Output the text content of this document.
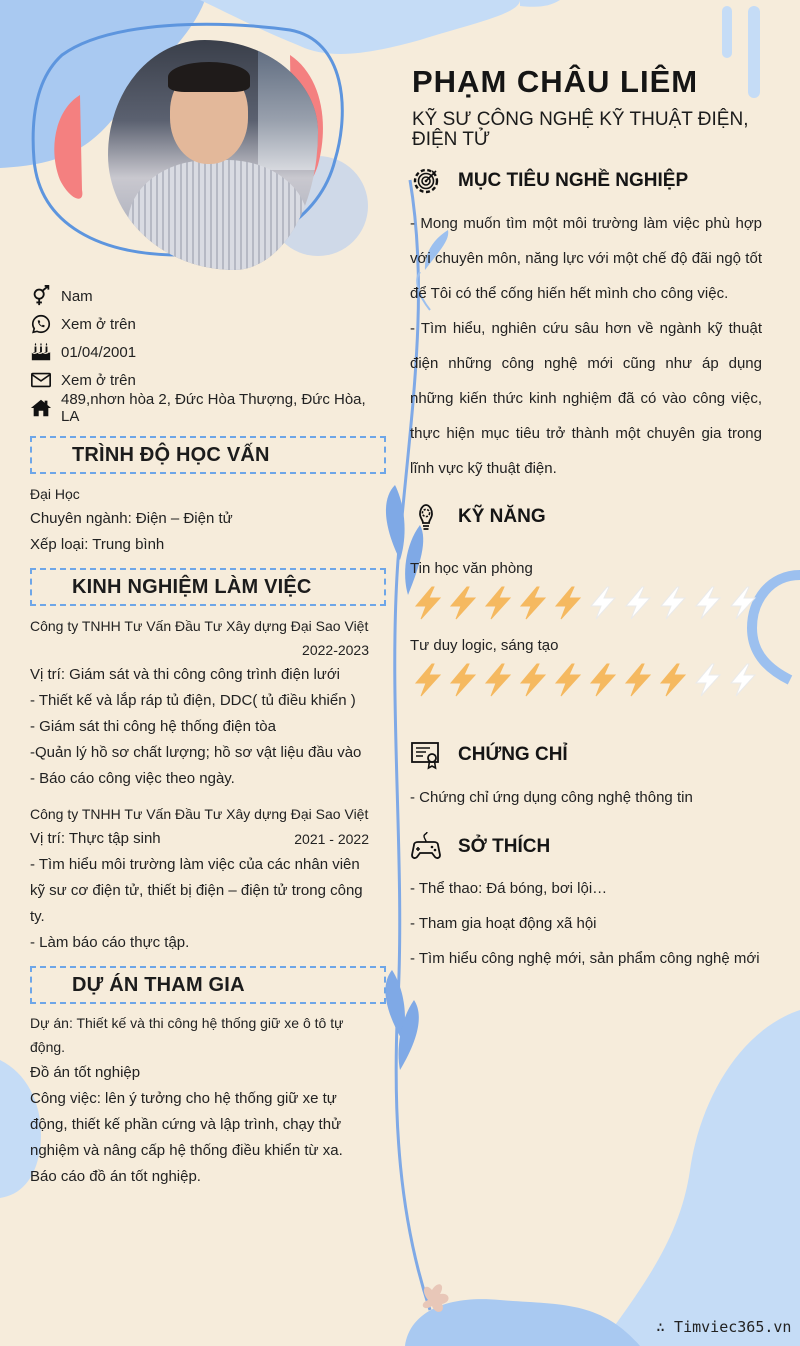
Nam
Xem ở trên
01/04/2001
Xem ở trên
489,nhơn hòa 2, Đức Hòa Thượng, Đức Hòa, LA
TRÌNH ĐỘ HỌC VẤN
Đại Học
Chuyên ngành: Điện – Điện tử
Xếp loại: Trung bình
KINH NGHIỆM LÀM VIỆC
Công ty TNHH Tư Vấn Đầu Tư Xây dựng Đại Sao Việt
2022-2023
Vị trí: Giám sát và thi công công trình điện lưới
- Thiết kế và lắp ráp tủ điện, DDC( tủ điều khiển )
- Giám sát thi công hệ thống điện tòa
-Quản lý hồ sơ chất lượng; hồ sơ vật liệu đầu vào
- Báo cáo công việc theo ngày.
Công ty TNHH Tư Vấn Đầu Tư Xây dựng Đại Sao Việt
Vị trí: Thực tập sinh	2021 - 2022
- Tìm hiểu môi trường làm việc của các nhân viên kỹ sư cơ điện tử, thiết bị điện – điện tử trong công ty.
- Làm báo cáo thực tập.
DỰ ÁN THAM GIA
Dự án: Thiết kế và thi công hệ thống giữ xe ô tô tự động.
Đồ án tốt nghiệp
Công việc: lên ý tưởng cho hệ thống giữ xe tự động, thiết kế phần cứng và lập trình, chạy thử nghiệm và nâng cấp hệ thống điều khiển từ xa. Báo cáo đồ án tốt nghiệp.
PHẠM CHÂU LIÊM
KỸ SƯ CÔNG NGHỆ KỸ THUẬT ĐIỆN, ĐIỆN TỬ
MỤC TIÊU NGHỀ NGHIỆP
- Mong muốn tìm một môi trường làm việc phù hợp với chuyên môn, năng lực với một chế độ đãi ngộ tốt để Tôi có thể cống hiến hết mình cho công việc.
- Tìm hiểu, nghiên cứu sâu hơn về ngành kỹ thuật điện những công nghệ mới cũng như áp dụng những kiến thức kinh nghiệm đã có vào công việc, thực hiện mục tiêu trở thành một chuyên gia trong lĩnh vực kỹ thuật điện.
KỸ NĂNG
Tin học văn phòng
Tư duy logic, sáng tạo
CHỨNG CHỈ
- Chứng chỉ ứng dụng công nghệ thông tin
SỞ THÍCH
- Thể thao: Đá bóng, bơi lội…
- Tham gia hoạt động xã hội
- Tìm hiểu công nghệ mới, sản phẩm công nghệ mới
∴ Timviec365.vn
